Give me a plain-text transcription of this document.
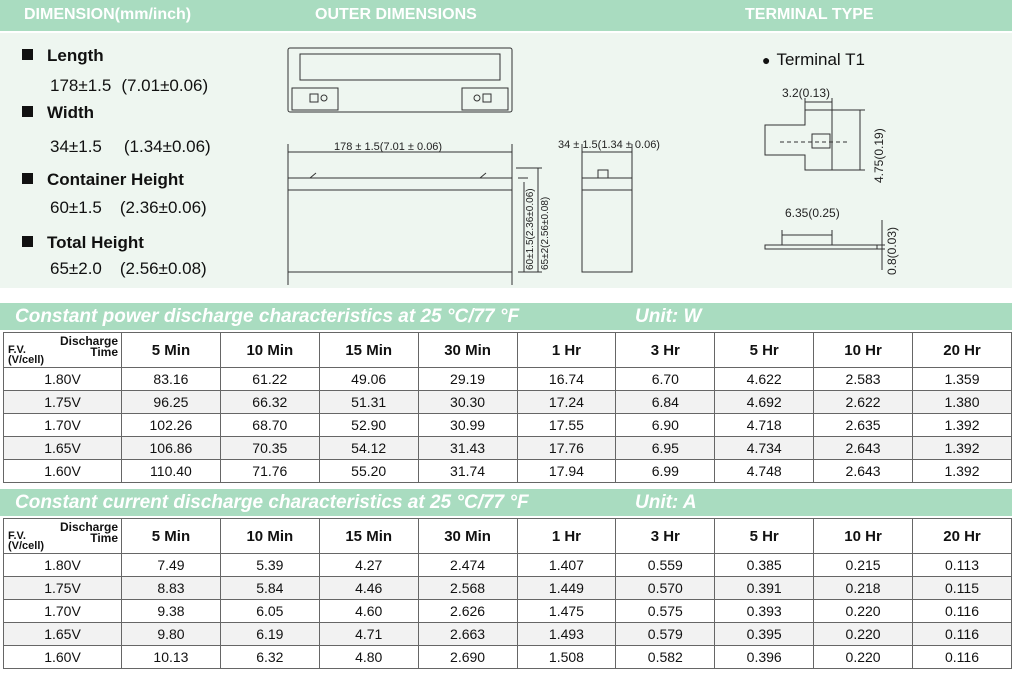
DIMENSION(mm/inch)	OUTER DIMENSIONS	TERMINAL TYPE
Length
178±1.5 (7.01±0.06)
Width
34±1.5 (1.34±0.06)
Container Height
60±1.5 (2.36±0.06)
Total Height
65±2.0 (2.56±0.08)
178 ± 1.5(7.01 ± 0.06)	34 ± 1.5(1.34 ± 0.06)
60±1.5(2.36±0.06) 65±2(2.56±0.08)
● Terminal T1
3.2(0.13)
4.75(0.19)
6.35(0.25)
0.8(0.03)
Constant power discharge characteristics at 25 °C/77 °F	Unit: W
Discharge
Time
F.V.
(V/cell)	5 Min	10 Min	15 Min	30 Min	1 Hr	3 Hr	5 Hr	10 Hr	20 Hr
1.80V	83.16	61.22	49.06	29.19	16.74	6.70	4.622	2.583	1.359
1.75V	96.25	66.32	51.31	30.30	17.24	6.84	4.692	2.622	1.380
1.70V	102.26	68.70	52.90	30.99	17.55	6.90	4.718	2.635	1.392
1.65V	106.86	70.35	54.12	31.43	17.76	6.95	4.734	2.643	1.392
1.60V	110.40	71.76	55.20	31.74	17.94	6.99	4.748	2.643	1.392
Constant current discharge characteristics at 25 °C/77 °F	Unit: A
Discharge
Time
F.V.
(V/cell)	5 Min	10 Min	15 Min	30 Min	1 Hr	3 Hr	5 Hr	10 Hr	20 Hr
1.80V	7.49	5.39	4.27	2.474	1.407	0.559	0.385	0.215	0.113
1.75V	8.83	5.84	4.46	2.568	1.449	0.570	0.391	0.218	0.115
1.70V	9.38	6.05	4.60	2.626	1.475	0.575	0.393	0.220	0.116
1.65V	9.80	6.19	4.71	2.663	1.493	0.579	0.395	0.220	0.116
1.60V	10.13	6.32	4.80	2.690	1.508	0.582	0.396	0.220	0.116
